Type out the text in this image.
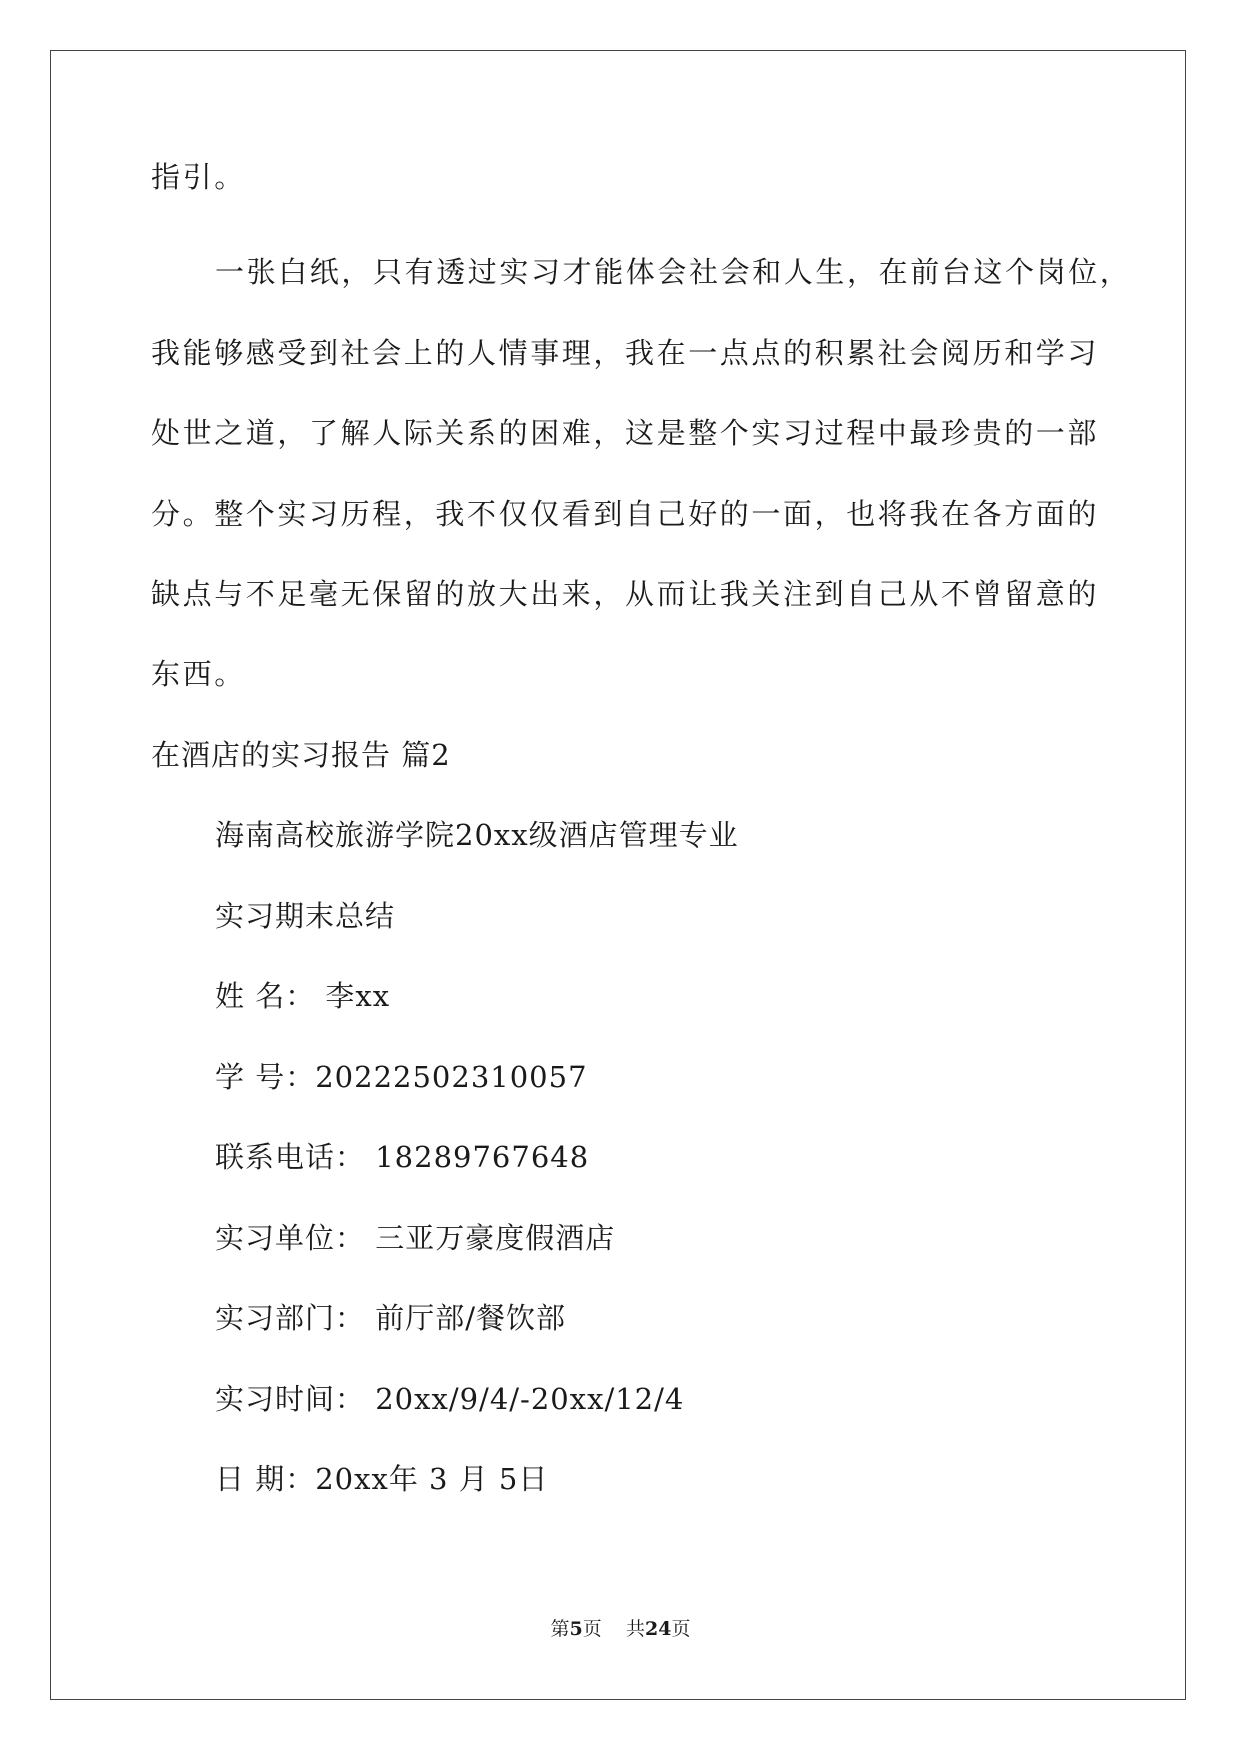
指引。
一张白纸，只有透过实习才能体会社会和人生，在前台这个岗位，
我能够感受到社会上的人情事理，我在一点点的积累社会阅历和学习
处世之道，了解人际关系的困难，这是整个实习过程中最珍贵的一部
分。整个实习历程，我不仅仅看到自己好的一面，也将我在各方面的
缺点与不足毫无保留的放大出来，从而让我关注到自己从不曾留意的
东西。
在酒店的实习报告 篇2
海南高校旅游学院20xx级酒店管理专业
实习期末总结
姓 名： 李xx
学 号：20222502310057
联系电话： 18289767648
实习单位： 三亚万豪度假酒店
实习部门： 前厅部/餐饮部
实习时间： 20xx/9/4/-20xx/12/4
日 期：20xx年 3 月 5日
第5页 共24页
